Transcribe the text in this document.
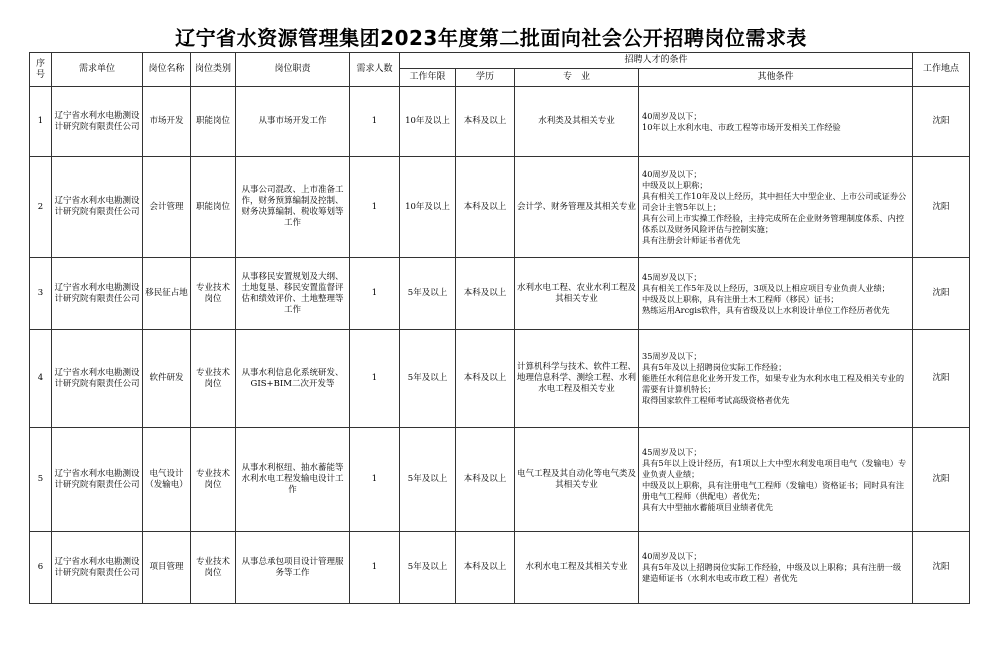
辽宁省水资源管理集团2023年度第二批面向社会公开招聘岗位需求表
序号	需求单位	岗位名称	岗位类别	岗位职责	需求人数	招聘人才的条件				工作地点
						工作年限	学历	专　业	其他条件	
1	辽宁省水利水电勘测设计研究院有限责任公司	市场开发	职能岗位	从事市场开发工作	1	10年及以上	本科及以上	水利类及其相关专业	40周岁及以下；
10年以上水利水电、市政工程等市场开发相关工作经验	沈阳
2	辽宁省水利水电勘测设计研究院有限责任公司	会计管理	职能岗位	从事公司混改、上市准备工作，财务预算编制及控制、财务决算编制、税收筹划等工作	1	10年及以上	本科及以上	会计学、财务管理及其相关专业	40周岁及以下；
中级及以上职称；
具有相关工作10年及以上经历，其中担任大中型企业、上市公司或证券公司会计主管5年以上；
具有公司上市实操工作经验，主持完成所在企业财务管理制度体系、内控体系以及财务风险评估与控制实施；
具有注册会计师证书者优先	沈阳
3	辽宁省水利水电勘测设计研究院有限责任公司	移民征占地	专业技术岗位	从事移民安置规划及大纲、土地复垦、移民安置监督评估和绩效评价、土地整理等工作	1	5年及以上	本科及以上	水利水电工程、农业水利工程及其相关专业	45周岁及以下；
具有相关工作5年及以上经历，3项及以上相应项目专业负责人业绩；
中级及以上职称，具有注册土木工程师（移民）证书；
熟练运用Arcgis软件，具有省级及以上水利设计单位工作经历者优先	沈阳
4	辽宁省水利水电勘测设计研究院有限责任公司	软件研发	专业技术岗位	从事水利信息化系统研发、GIS+BIM二次开发等	1	5年及以上	本科及以上	计算机科学与技术、软件工程、地理信息科学、测绘工程、水利水电工程及相关专业	35周岁及以下；
具有5年及以上招聘岗位实际工作经验；
能胜任水利信息化业务开发工作，如果专业为水利水电工程及相关专业的需要有计算机特长；
取得国家软件工程师考试高级资格者优先	沈阳
5	辽宁省水利水电勘测设计研究院有限责任公司	电气设计（发输电）	专业技术岗位	从事水利枢纽、抽水蓄能等水利水电工程发输电设计工作	1	5年及以上	本科及以上	电气工程及其自动化等电气类及其相关专业	45周岁及以下；
具有5年以上设计经历，有1项以上大中型水利发电项目电气（发输电）专业负责人业绩；
中级及以上职称，具有注册电气工程师（发输电）资格证书；同时具有注册电气工程师（供配电）者优先；
具有大中型抽水蓄能项目业绩者优先	沈阳
6	辽宁省水利水电勘测设计研究院有限责任公司	项目管理	专业技术岗位	从事总承包项目设计管理服务等工作	1	5年及以上	本科及以上	水利水电工程及其相关专业	40周岁及以下；
具有5年及以上招聘岗位实际工作经验，中级及以上职称；具有注册一级建造师证书（水利水电或市政工程）者优先	沈阳
